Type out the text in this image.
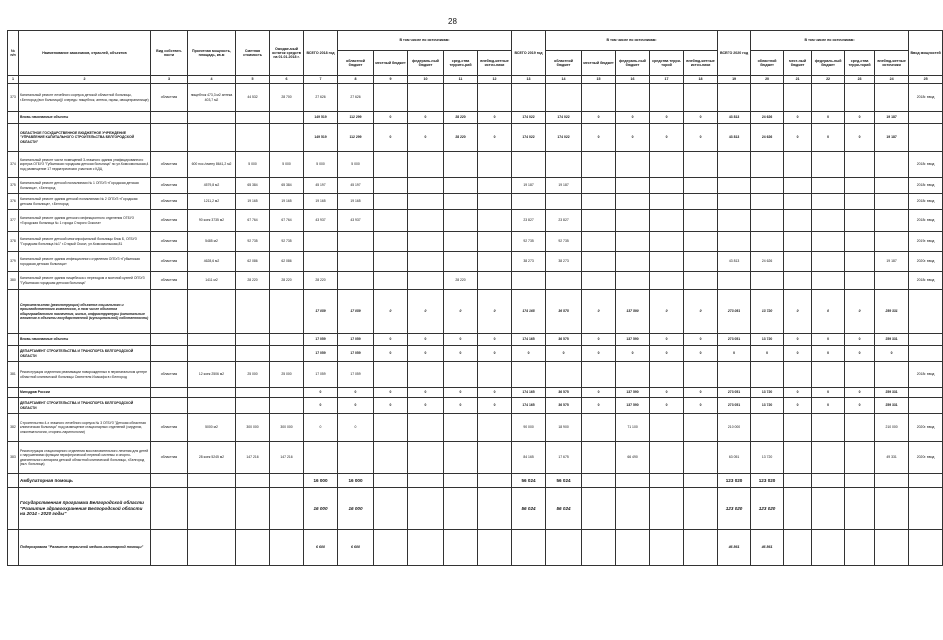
28
№ п/п	Наименование заказчиков, отраслей, объектов	Вид собствен-ности	Проектная мощность, площадь, кв.м	Сметная стоимость	Ожидае-мый остаток средств на 01.01.2018 г.	ВСЕГО 2018 год	В том числе по источникам:					ВСЕГО 2019 год	В том числе по источникам:					ВСЕГО 2020 год	В том числе по источникам:					Ввод мощностей
							областной бюджет	местный бюджет	федераль-ный бюджет	сред-ства террито-рий	внебюд-жетные источ-ники		областной бюджет	местный бюджет	федераль-ный бюджет	средства терри-торий	внебюд-жетные источ-ники		областной бюджет	мест-ный бюджет	федераль-ный бюджет	сред-ства терри-торий	внебюд-жетные источники	
1	2	3	4	5	6	7	8	9	10	11	12	13	14	15	16	17	18	19	20	21	22	23	24	25
373	Капитальный ремонт лечебного корпуса детской областной больницы, г.Белгород (вкл больница)(I очередь: пищеблок, аптека, гараж, овощехранилище)	областная	пищеблок 473,3 м2 аптека 403,7 м2	44 532	28 700	27 626	27 626																	2018г. ввод
	Вновь начинаемые объекты					149 519	112 299	0	0	28 220	0	174 022	174 022	0	0	0	0	43 813	24 626	0	0	0	19 187	
	ОБЛАСТНОЕ ГОСУДАРСТВЕННОЕ БЮДЖЕТНОЕ УЧРЕЖДЕНИЕ "УПРАВЛЕНИЕ КАПИТАЛЬНОГО СТРОИТЕЛЬСТВА БЕЛГОРОДСКОЙ ОБЛАСТИ"					149 519	112 299	0	0	28 220	0	174 022	174 022	0	0	0	0	43 813	24 626	0	0	0	19 187	
374	Капитальный ремонт части помещений 3-этажного здания унифицированного корпуса ОГБУЗ "Губкинская городская детская больница" по ул.Комсомольская,4 под размещение 17 педиатрических участков с КДЦ	областная	600 пос./смену 8641,2 м2	5 000	5 000	5 000	5 000																	2018г. ввод
375	Капитальный ремонт детской поликлиники № 1 ОГБУЗ «Городская детская больница», г.Белгород	областная	4579,8 м2	65 384	65 384	45 197	45 197					19 187	19 187											2018г. ввод
376	Капитальный ремонт здания детской поликлиники № 2 ОГБУЗ «Городская детская больница», г.Белгород	областная	1211,2 м2	19 165	19 165	19 165	19 165																	2018г. ввод
377	Капитальный ремонт здания детского инфекционного отделения ОГБУЗ «Городская больница № 1 города Старого Оскола»	областная	90 коек 3735 м2	67 764	67 764	43 937	43 937					23 827	23 827											2018г. ввод
378	Капитальный ремонт детской многопрофильной больницы блок Б, ОГБУЗ "Городская больница №1" г.Старый Оскол, ул.Комсомольская,81	областная	5485 м2	92 735	92 735							92 735	92 735											2019г. ввод
379	Капитальный ремонт здания инфекционного отделения ОГБУЗ «Губкинская городская детская больница»	областная	4628,6 м2	62 086	62 086							38 273	38 273					43 813	24 626				19 187	2020г. ввод
380	Капитальный ремонт здания пищеблока с переходом и моечной кухней ОГБУЗ "Губкинская городская детская больница"	областная	1411 м2	28 220	28 220	28 220				28 220														2018г. ввод
	Строительство (реконструкция) объектов социального и производственного комплексов, в том числе объектов общегражданского назначения, жилья, инфраструктуры (капитальные вложения в объекты государственной (муниципальной) собственности)					17 059	17 059	0	0	0	0	174 165	36 575	0	137 590	0	0	273 051	13 720	0	0	0	259 331	
	Вновь начинаемые объекты					17 059	17 059	0	0	0	0	174 165	36 575	0	137 590	0	0	273 051	13 720	0	0	0	259 331	
	ДЕПАРТАМЕНТ СТРОИТЕЛЬСТВА И ТРАНСПОРТА БЕЛГОРОДСКОЙ ОБЛАСТИ					17 059	17 059	0	0	0	0	0	0	0	0	0	0	0	0	0	0	0	0	
381	Реконструкция отделения реанимации новорожденных в перинатальном центре областной клинической больницы Святителя Иоасафа в г.Белгород	областная	12 коек 2506 м2	25 000	25 000	17 059	17 059																	2018г. ввод
	Минздрав России					0	0	0	0	0	0	174 165	36 575	0	137 590	0	0	273 051	13 720	0	0	0	259 331	
	ДЕПАРТАМЕНТ СТРОИТЕЛЬСТВА И ТРАНСПОРТА БЕЛГОРОДСКОЙ ОБЛАСТИ					0	0	0	0	0	0	174 165	36 575	0	137 590	0	0	273 051	13 720	0	0	0	259 331	
382	Строительство 4-х этажного лечебного корпуса № 3 ОГБУЗ "Детская областная клиническая больница" под размещение стационарных отделений (хирургии, онкогематологии, оторино-ларингологии)	областная	5000 м2	300 000	300 000	0	0					90 000	18 900		71 100			210 000					210 000	2020г. ввод
383	Реконструкция стационарного отделения восстановительного лечения для детей с нарушениями функции периферической нервной системы и опорно-двигательного аппарата детской областной клинической больницы, г.Белгород (вкл. больница)	областная	28 коек 5245 м2	147 216	147 216							84 165	17 675		66 490			63 051	13 720				49 331	2020г. ввод
	Амбулаторная помощь					16 000	16 000					56 024	56 024					123 020	123 020					
	Государственная программа Белгородской области "Развитие здравоохранения Белгородской области на 2014 - 2020 годы"					16 000	16 000					56 024	56 024					123 020	123 020					
	Подпрограмма "Развитие первичной медико-санитарной помощи"					6 600	6 600											46 861	46 861					
